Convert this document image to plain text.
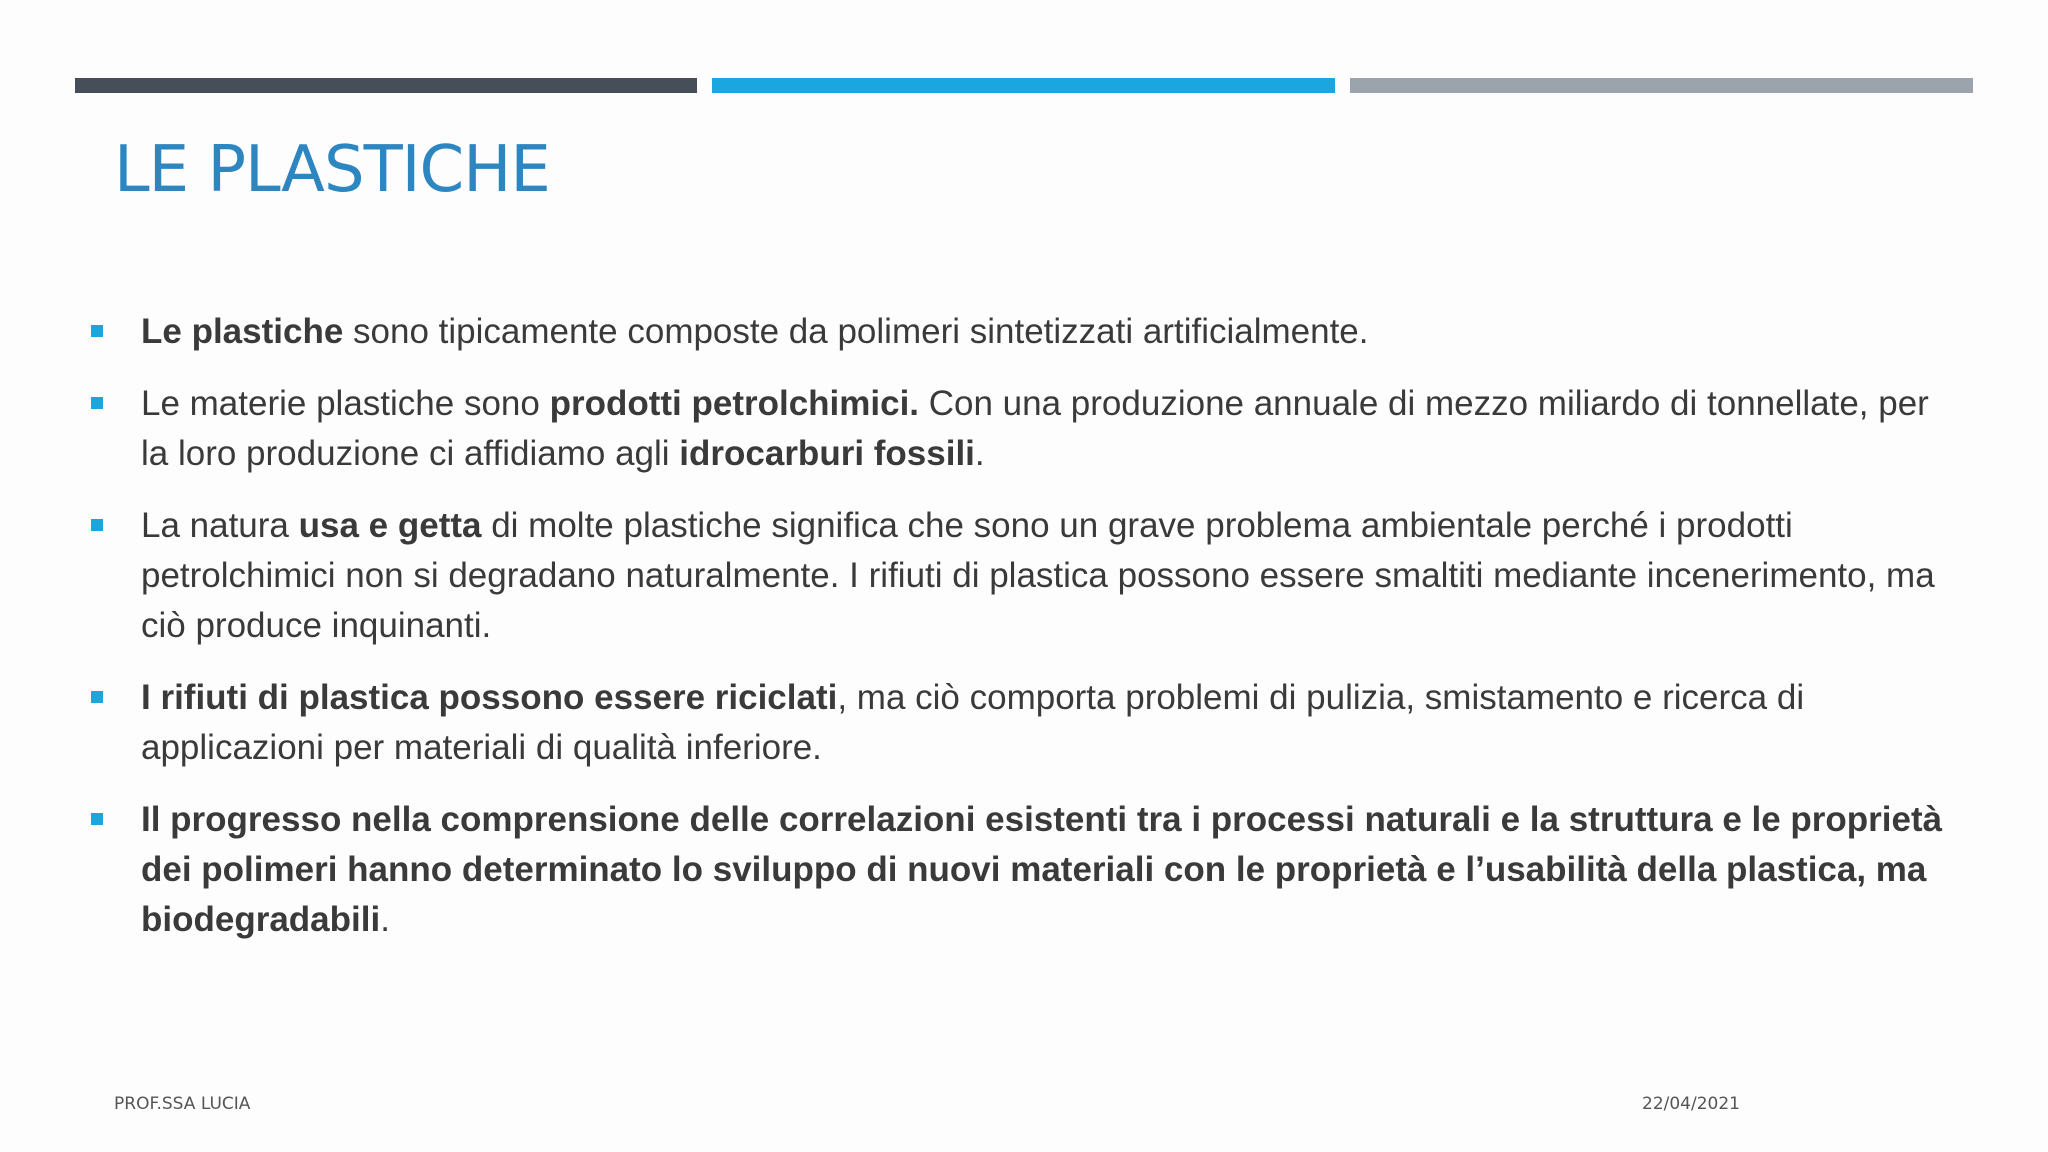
LE PLASTICHE
Le plastiche sono tipicamente composte da polimeri sintetizzati artificialmente.
Le materie plastiche sono prodotti petrolchimici. Con una produzione annuale di mezzo miliardo di tonnellate, per la loro produzione ci affidiamo agli idrocarburi fossili.
La natura usa e getta di molte plastiche significa che sono un grave problema ambientale perché i prodotti petrolchimici non si degradano naturalmente. I rifiuti di plastica possono essere smaltiti mediante incenerimento, ma ciò produce inquinanti.
I rifiuti di plastica possono essere riciclati, ma ciò comporta problemi di pulizia, smistamento e ricerca di applicazioni per materiali di qualità inferiore.
Il progresso nella comprensione delle correlazioni esistenti tra i processi naturali e la struttura e le proprietà dei polimeri hanno determinato lo sviluppo di nuovi materiali con le proprietà e l’usabilità della plastica, ma biodegradabili.
PROF.SSA LUCIA	22/04/2021
